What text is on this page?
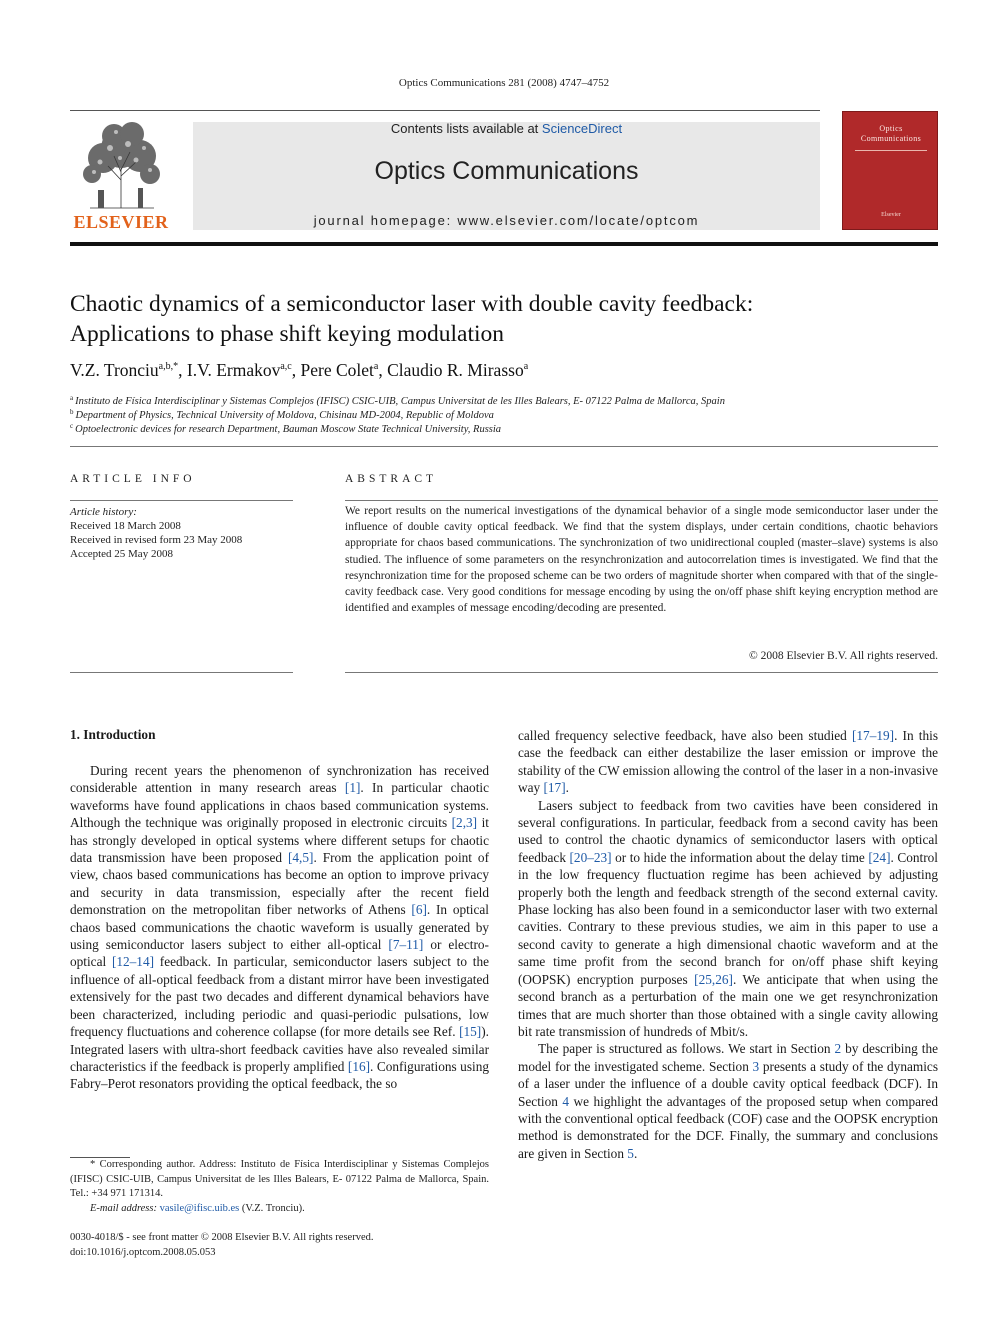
Optics Communications 281 (2008) 4747–4752
ELSEVIER
Contents lists available at ScienceDirect
Optics Communications
journal homepage: www.elsevier.com/locate/optcom
Optics Communications
Elsevier
Chaotic dynamics of a semiconductor laser with double cavity feedback:
Applications to phase shift keying modulation
V.Z. Tronciu$^{a,b,*}$, I.V. Ermakov$^{a,c}$, Pere Colet$^a$, Claudio R. Mirasso$^a$
$^a$ Instituto de Física Interdisciplinar y Sistemas Complejos (IFISC) CSIC-UIB, Campus Universitat de les Illes Balears, E- 07122 Palma de Mallorca, Spain
$^b$ Department of Physics, Technical University of Moldova, Chisinau MD-2004, Republic of Moldova
$^c$ Optoelectronic devices for research Department, Bauman Moscow State Technical University, Russia
ARTICLE INFO
Article history:
Received 18 March 2008
Received in revised form 23 May 2008
Accepted 25 May 2008
ABSTRACT
We report results on the numerical investigations of the dynamical behavior of a single mode semiconductor laser under the influence of double cavity optical feedback. We find that the system displays, under certain conditions, chaotic behaviors appropriate for chaos based communications. The synchronization of two unidirectional coupled (master–slave) systems is also studied. The influence of some parameters on the resynchronization and autocorrelation times is investigated. We find that the resynchronization time for the proposed scheme can be two orders of magnitude shorter when compared with that of the single-cavity feedback case. Very good conditions for message encoding by using the on/off phase shift keying encryption method are identified and examples of message encoding/decoding are presented.
© 2008 Elsevier B.V. All rights reserved.
1. Introduction

During recent years the phenomenon of synchronization has received considerable attention in many research areas [1]. In particular chaotic waveforms have found applications in chaos based communication systems. Although the technique was originally proposed in electronic circuits [2,3] it has strongly developed in optical systems where different setups for chaotic data transmission have been proposed [4,5]. From the application point of view, chaos based communications has become an option to improve privacy and security in data transmission, especially after the recent field demonstration on the metropolitan fiber networks of Athens [6]. In optical chaos based communications the chaotic waveform is usually generated by using semiconductor lasers subject to either all-optical [7–11] or electro-optical [12–14] feedback. In particular, semiconductor lasers subject to the influence of all-optical feedback from a distant mirror have been investigated extensively for the past two decades and different dynamical behaviors have been characterized, including periodic and quasi-periodic pulsations, low frequency fluctuations and coherence collapse (for more details see Ref. [15]). Integrated lasers with ultra-short feedback cavities have also revealed similar characteristics if the feedback is properly amplified [16]. Configurations using Fabry–Perot resonators providing the optical feedback, the so

* Corresponding author. Address: Instituto de Física Interdisciplinar y Sistemas Complejos (IFISC) CSIC-UIB, Campus Universitat de les Illes Balears, E- 07122 Palma de Mallorca, Spain. Tel.: +34 971 171314.

E-mail address: vasile@ifisc.uib.es (V.Z. Tronciu).

0030-4018/$ - see front matter © 2008 Elsevier B.V. All rights reserved.
doi:10.1016/j.optcom.2008.05.053

called frequency selective feedback, have also been studied [17–19]. In this case the feedback can either destabilize the laser emission or improve the stability of the CW emission allowing the control of the laser in a non-invasive way [17].

Lasers subject to feedback from two cavities have been considered in several configurations. In particular, feedback from a second cavity has been used to control the chaotic dynamics of semiconductor lasers with optical feedback [20–23] or to hide the information about the delay time [24]. Control in the low frequency fluctuation regime has been achieved by adjusting properly both the length and feedback strength of the second external cavity. Phase locking has also been found in a semiconductor laser with two external cavities. Contrary to these previous studies, we aim in this paper to use a second cavity to generate a high dimensional chaotic waveform and at the same time profit from the second branch for on/off phase shift keying (OOPSK) encryption purposes [25,26]. We anticipate that when using the second branch as a perturbation of the main one we get resynchronization times that are much shorter than those obtained with a single cavity allowing bit rate transmission of hundreds of Mbit/s.

The paper is structured as follows. We start in Section 2 by describing the model for the investigated scheme. Section 3 presents a study of the dynamics of a laser under the influence of a double cavity optical feedback (DCF). In Section 4 we highlight the advantages of the proposed setup when compared with the conventional optical feedback (COF) case and the OOPSK encryption method is demonstrated for the DCF. Finally, the summary and conclusions are given in Section 5.
